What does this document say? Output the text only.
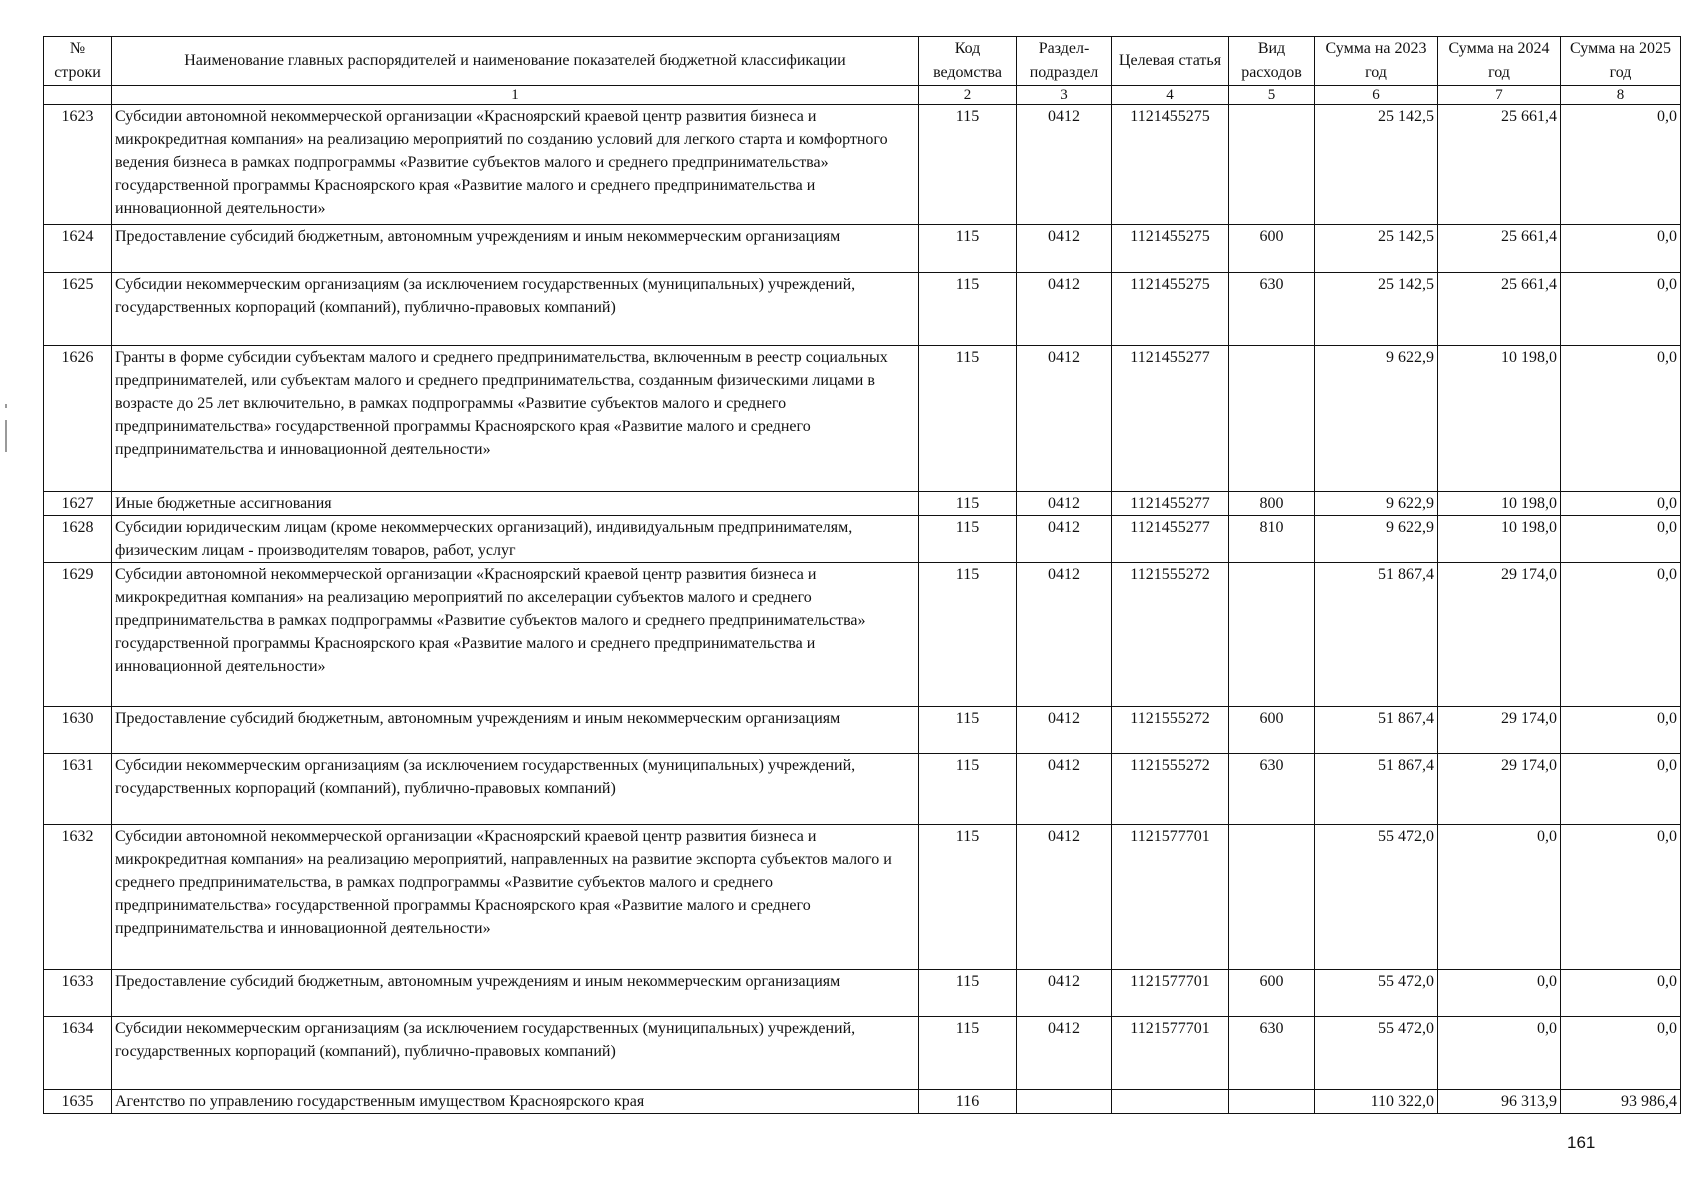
№ строки	Наименование главных распорядителей и наименование показателей бюджетной классификации	Код ведомства	Раздел-подраздел	Целевая статья	Вид расходов	Сумма на 2023 год	Сумма на 2024 год	Сумма на 2025 год
	1	2	3	4	5	6	7	8
1623	Субсидии автономной некоммерческой организации «Красноярский краевой центр развития бизнеса и микрокредитная компания» на реализацию мероприятий по созданию условий для легкого старта и комфортного ведения бизнеса в рамках подпрограммы «Развитие субъектов малого и среднего предпринимательства» государственной программы Красноярского края «Развитие малого и среднего предпринимательства и инновационной деятельности»	115	0412	1121455275		25 142,5	25 661,4	0,0
1624	Предоставление субсидий бюджетным, автономным учреждениям и иным некоммерческим организациям	115	0412	1121455275	600	25 142,5	25 661,4	0,0
1625	Субсидии некоммерческим организациям (за исключением государственных (муниципальных) учреждений, государственных корпораций (компаний), публично-правовых компаний)	115	0412	1121455275	630	25 142,5	25 661,4	0,0
1626	Гранты в форме субсидии субъектам малого и среднего предпринимательства, включенным в реестр социальных предпринимателей, или субъектам малого и среднего предпринимательства, созданным физическими лицами в возрасте до 25 лет включительно, в рамках подпрограммы «Развитие субъектов малого и среднего предпринимательства» государственной программы Красноярского края «Развитие малого и среднего предпринимательства и инновационной деятельности»	115	0412	1121455277		9 622,9	10 198,0	0,0
1627	Иные бюджетные ассигнования	115	0412	1121455277	800	9 622,9	10 198,0	0,0
1628	Субсидии юридическим лицам (кроме некоммерческих организаций), индивидуальным предпринимателям, физическим лицам - производителям товаров, работ, услуг	115	0412	1121455277	810	9 622,9	10 198,0	0,0
1629	Субсидии автономной некоммерческой организации «Красноярский краевой центр развития бизнеса и микрокредитная компания» на реализацию мероприятий по акселерации субъектов малого и среднего предпринимательства в рамках подпрограммы «Развитие субъектов малого и среднего предпринимательства» государственной программы Красноярского края «Развитие малого и среднего предпринимательства и инновационной деятельности»	115	0412	1121555272		51 867,4	29 174,0	0,0
1630	Предоставление субсидий бюджетным, автономным учреждениям и иным некоммерческим организациям	115	0412	1121555272	600	51 867,4	29 174,0	0,0
1631	Субсидии некоммерческим организациям (за исключением государственных (муниципальных) учреждений, государственных корпораций (компаний), публично-правовых компаний)	115	0412	1121555272	630	51 867,4	29 174,0	0,0
1632	Субсидии автономной некоммерческой организации «Красноярский краевой центр развития бизнеса и микрокредитная компания» на реализацию мероприятий, направленных на развитие экспорта субъектов малого и среднего предпринимательства, в рамках подпрограммы «Развитие субъектов малого и среднего предпринимательства» государственной программы Красноярского края «Развитие малого и среднего предпринимательства и инновационной деятельности»	115	0412	1121577701		55 472,0	0,0	0,0
1633	Предоставление субсидий бюджетным, автономным учреждениям и иным некоммерческим организациям	115	0412	1121577701	600	55 472,0	0,0	0,0
1634	Субсидии некоммерческим организациям (за исключением государственных (муниципальных) учреждений, государственных корпораций (компаний), публично-правовых компаний)	115	0412	1121577701	630	55 472,0	0,0	0,0
1635	Агентство по управлению государственным имуществом Красноярского края	116				110 322,0	96 313,9	93 986,4
161
